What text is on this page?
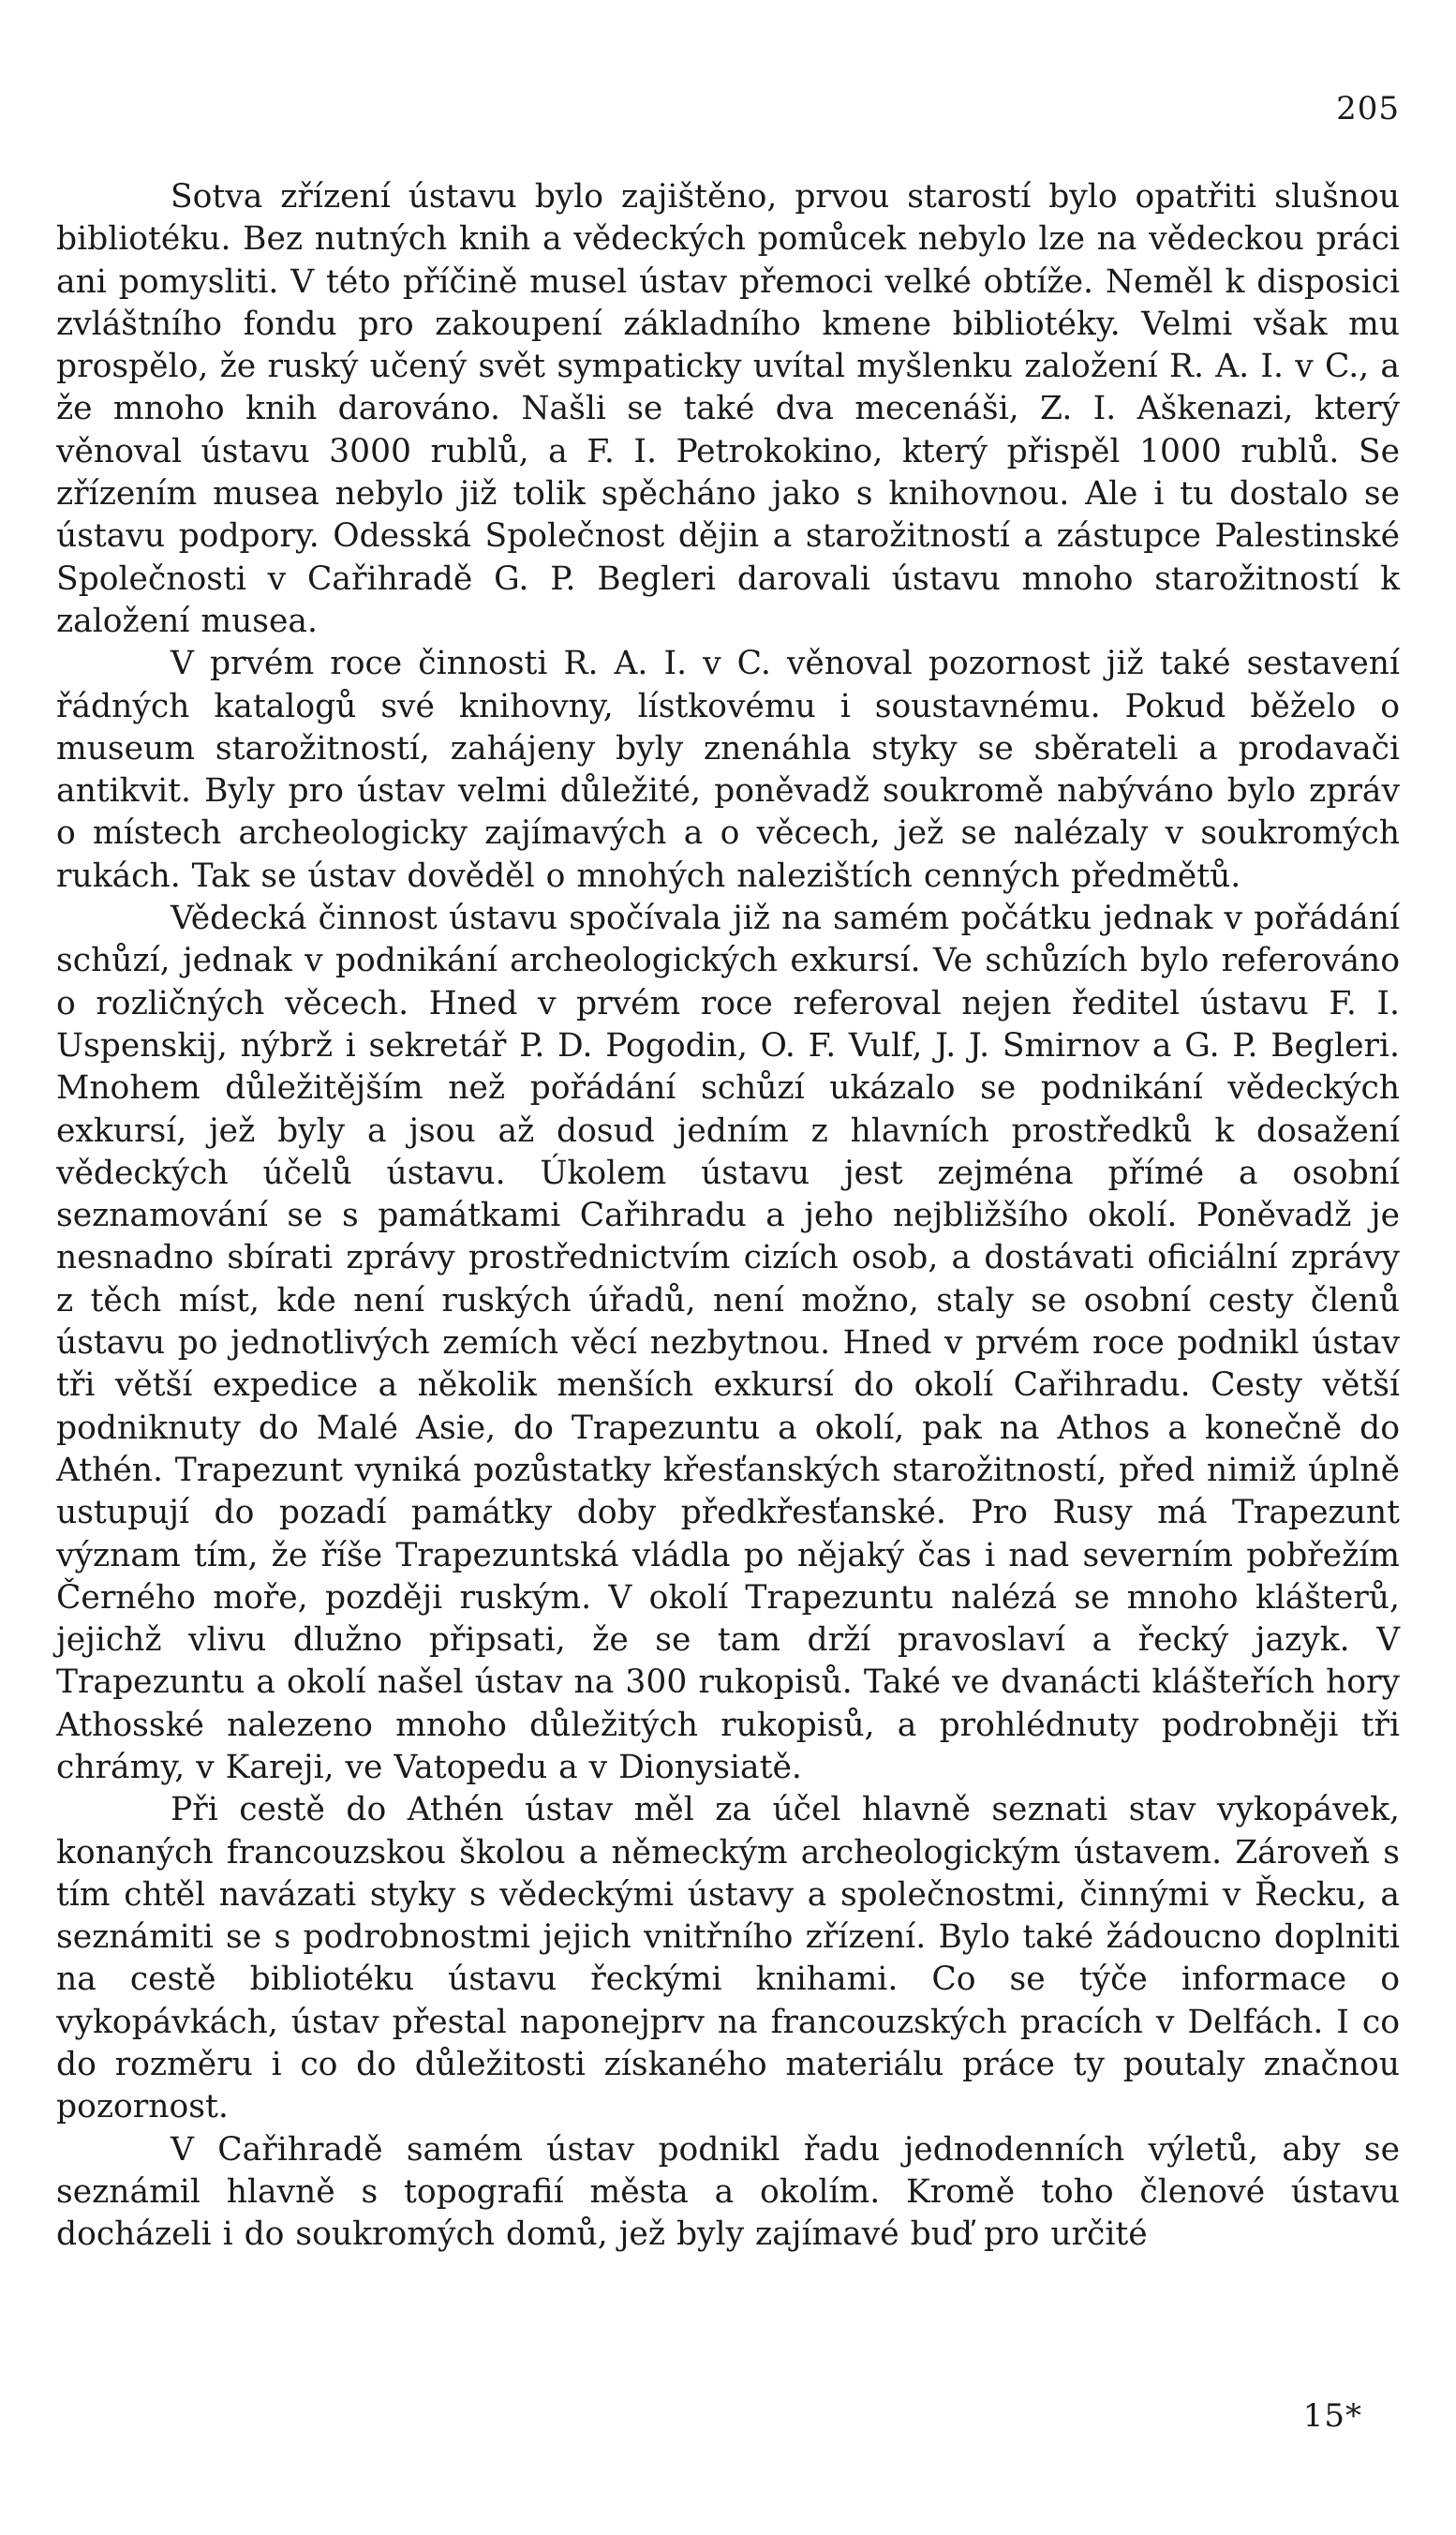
205

Sotva zřízení ústavu bylo zajištěno, prvou starostí bylo opatřiti slušnou bibliotéku. Bez nutných knih a vědeckých pomůcek nebylo lze na vědeckou práci ani pomysliti. V této příčině musel ústav přemoci velké obtíže. Neměl k disposici zvláštního fondu pro zakoupení základního kmene bibliotéky. Velmi však mu prospělo, že ruský učený svět sympaticky uvítal myšlenku založení R. A. I. v C., a že mnoho knih darováno. Našli se také dva mecenáši, Z. I. Aškenazi, který věnoval ústavu 3000 rublů, a F. I. Petrokokino, který přispěl 1000 rublů. Se zřízením musea nebylo již tolik spěcháno jako s knihovnou. Ale i tu dostalo se ústavu podpory. Odesská Společnost dějin a starožitností a zástupce Palestinské Společnosti v Cařihradě G. P. Begleri darovali ústavu mnoho starožitností k založení musea.

V prvém roce činnosti R. A. I. v C. věnoval pozornost již také sestavení řádných katalogů své knihovny, lístkovému i soustavnému. Pokud běželo o museum starožitností, zahájeny byly znenáhla styky se sběrateli a prodavači antikvit. Byly pro ústav velmi důležité, poněvadž soukromě nabýváno bylo zpráv o místech archeologicky zajímavých a o věcech, jež se nalézaly v soukromých rukách. Tak se ústav dověděl o mnohých nalezištích cenných předmětů.

Vědecká činnost ústavu spočívala již na samém počátku jednak v pořádání schůzí, jednak v podnikání archeologických exkursí. Ve schůzích bylo referováno o rozličných věcech. Hned v prvém roce referoval nejen ředitel ústavu F. I. Uspenskij, nýbrž i sekretář P. D. Pogodin, O. F. Vulf, J. J. Smirnov a G. P. Begleri. Mnohem důležitějším než pořádání schůzí ukázalo se podnikání vědeckých exkursí, jež byly a jsou až dosud jedním z hlavních prostředků k dosažení vědeckých účelů ústavu. Úkolem ústavu jest zejména přímé a osobní seznamování se s památkami Cařihradu a jeho nejbližšího okolí. Poněvadž je nesnadno sbírati zprávy prostřednictvím cizích osob, a dostávati oficiální zprávy z těch míst, kde není ruských úřadů, není možno, staly se osobní cesty členů ústavu po jednotlivých zemích věcí nezbytnou. Hned v prvém roce podnikl ústav tři větší expedice a několik menších exkursí do okolí Cařihradu. Cesty větší podniknuty do Malé Asie, do Trapezuntu a okolí, pak na Athos a konečně do Athén. Trapezunt vyniká pozůstatky křesťanských starožitností, před nimiž úplně ustupují do pozadí památky doby předkřesťanské. Pro Rusy má Trapezunt význam tím, že říše Trapezuntská vládla po nějaký čas i nad severním pobřežím Černého moře, později ruským. V okolí Trapezuntu nalézá se mnoho klášterů, jejichž vlivu dlužno připsati, že se tam drží pravoslaví a řecký jazyk. V Trapezuntu a okolí našel ústav na 300 rukopisů. Také ve dvanácti klášteřích hory Athosské nalezeno mnoho důležitých rukopisů, a prohlédnuty podrobněji tři chrámy, v Kareji, ve Vatopedu a v Dionysiatě.

Při cestě do Athén ústav měl za účel hlavně seznati stav vykopávek, konaných francouzskou školou a německým archeologickým ústavem. Zároveň s tím chtěl navázati styky s vědeckými ústavy a společnostmi, činnými v Řecku, a seznámiti se s podrobnostmi jejich vnitřního zřízení. Bylo také žádoucno doplniti na cestě bibliotéku ústavu řeckými knihami. Co se týče informace o vykopávkách, ústav přestal naponejprv na francouzských pracích v Delfách. I co do rozměru i co do důležitosti získaného materiálu práce ty poutaly značnou pozornost.

V Cařihradě samém ústav podnikl řadu jednodenních výletů, aby se seznámil hlavně s topografií města a okolím. Kromě toho členové ústavu docházeli i do soukromých domů, jež byly zajímavé buď pro určité

15*
